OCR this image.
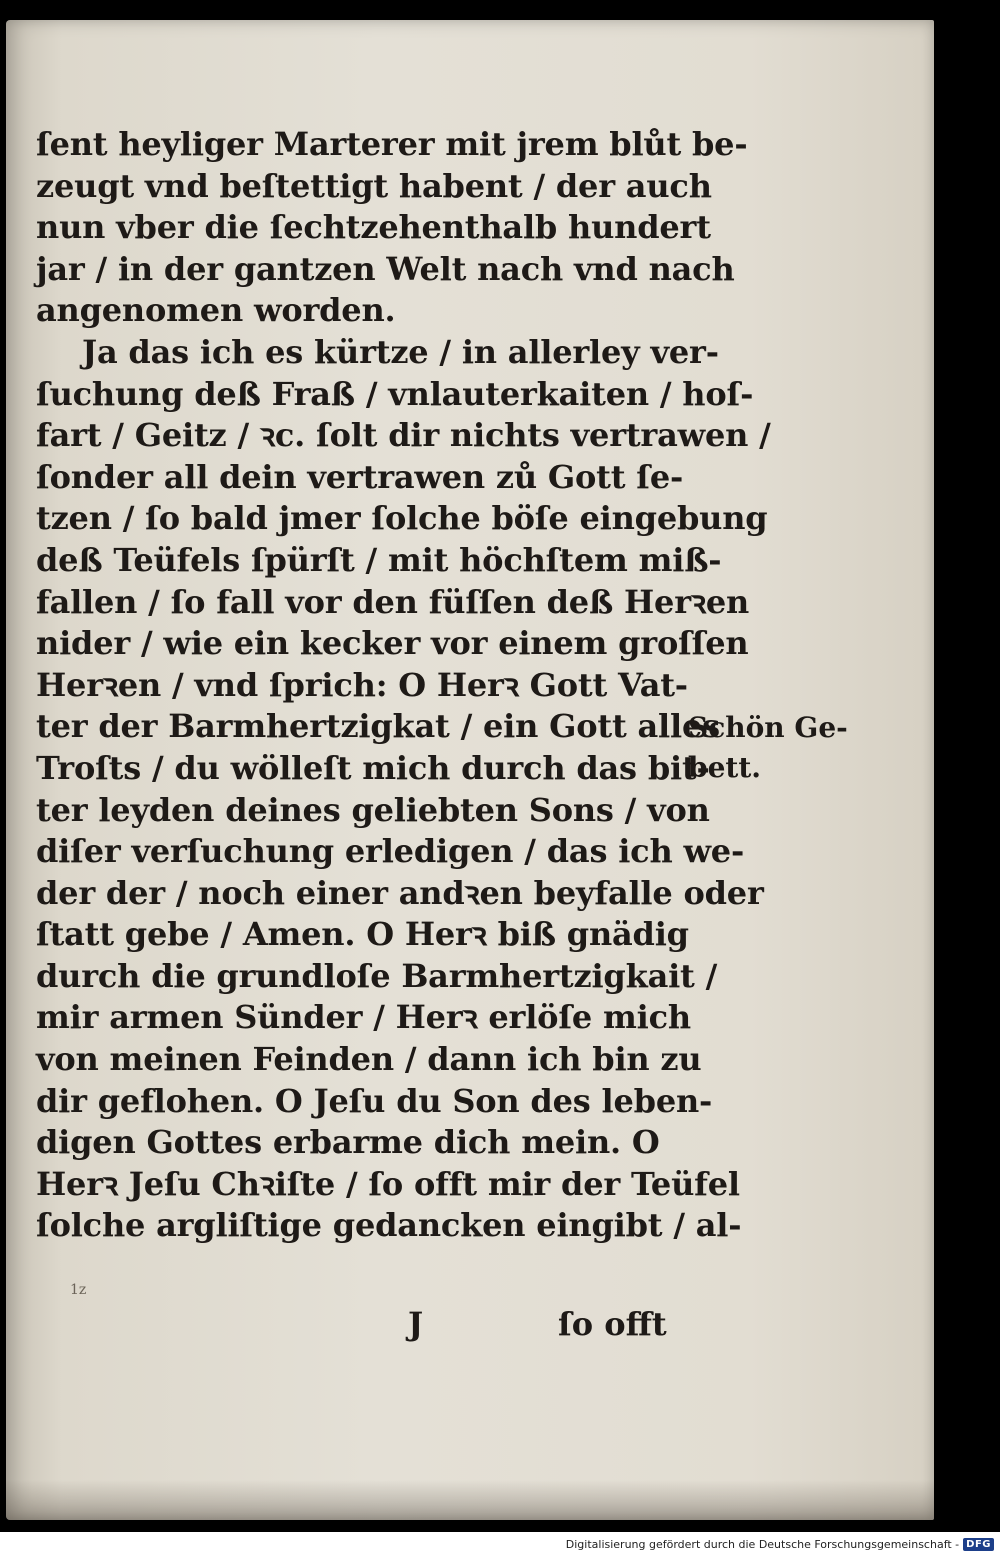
ſent heyliger Marterer mit jrem blůt be-
zeugt vnd beſtettigt habent / der auch
nun vber die ſechtzehenthalb hundert
jar / in der gantzen Welt nach vnd nach
angenomen worden.
Ja das ich es kürtze / in allerley ver-
ſuchung deß Fraß / vnlauterkaiten / hoſ-
fart / Geitz / ꝛc. ſolt dir nichts vertrawen /
ſonder all dein vertrawen zů Gott ſe-
tzen / ſo bald jmer ſolche böſe eingebung
deß Teüfels ſpürſt / mit höchſtem miß-
fallen / ſo fall vor den füſſen deß Herꝛen
nider / wie ein kecker vor einem groſſen
Herꝛen / vnd ſprich: O Herꝛ Gott Vat-
ter der Barmhertzigkat / ein Gott alles
Troſts / du wölleſt mich durch das bit-
ter leyden deines geliebten Sons / von
diſer verſuchung erledigen / das ich we-
der der / noch einer andꝛen beyfalle oder
ſtatt gebe / Amen. O Herꝛ biß gnädig
durch die grundloſe Barmhertzigkait /
mir armen Sünder / Herꝛ erlöſe mich
von meinen Feinden / dann ich bin zu
dir geflohen. O Jeſu du Son des leben-
digen Gottes erbarme dich mein. O
Herꝛ Jeſu Chꝛiſte / ſo offt mir der Teüfel
ſolche argliſtige gedancken eingibt / al-
Schön Ge-
bett.
1z
J	ſo offt
Digitalisierung gefördert durch die Deutsche Forschungsgemeinschaft - DFG
